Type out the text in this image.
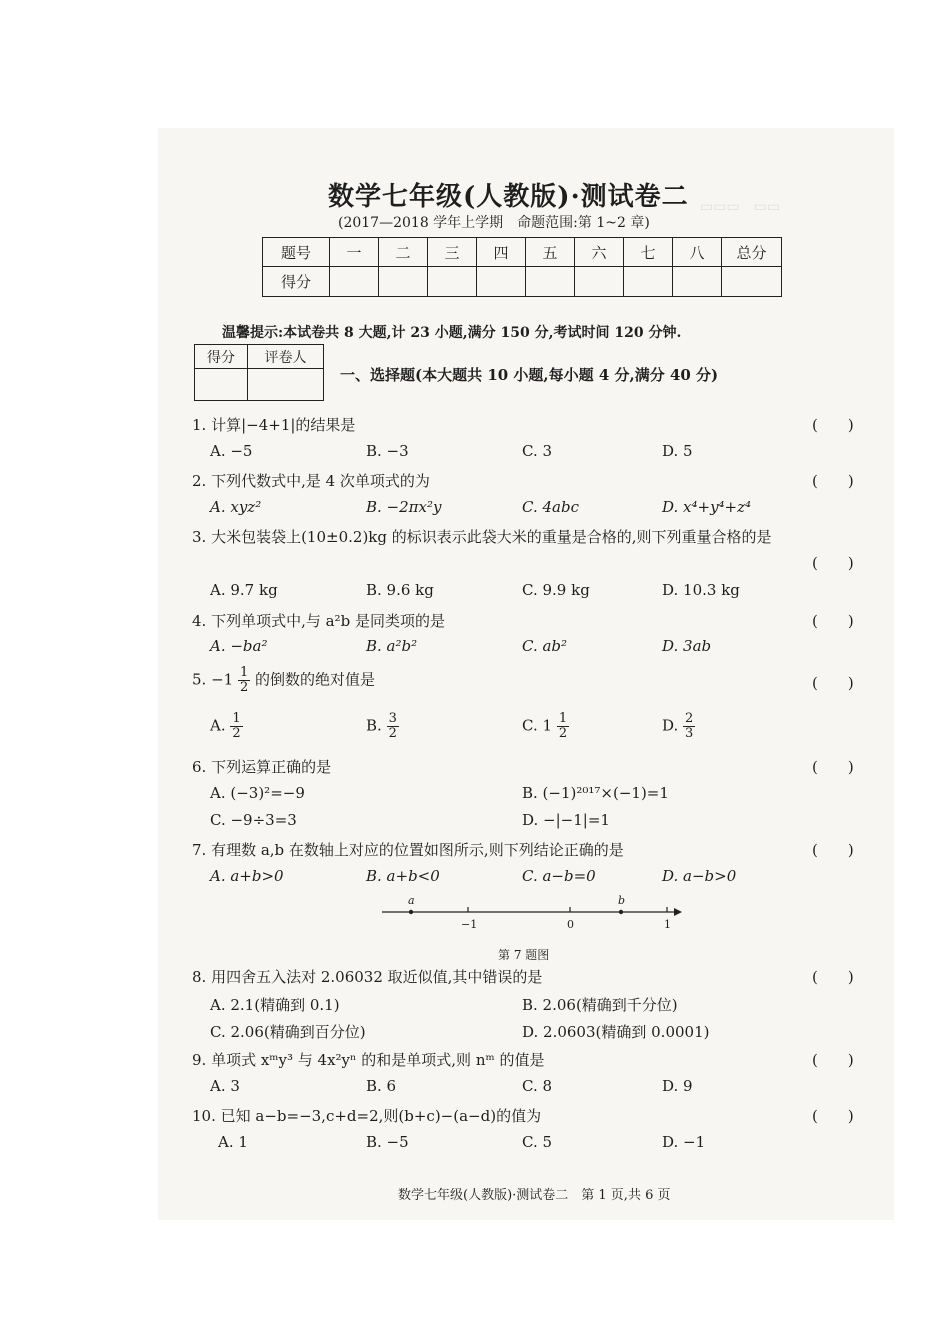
▭▭▭　▭▭
数学七年级(人教版)·测试卷二
(2017—2018 学年上学期　命题范围:第 1~2 章)
题号	一	二	三	四	五	六	七	八	总分
得分									
温馨提示:本试卷共 8 大题,计 23 小题,满分 150 分,考试时间 120 分钟.
得分	评卷人

一、选择题(本大题共 10 小题,每小题 4 分,满分 40 分)
1. 计算|−4+1|的结果是	(　　)
A. −5	B. −3	C. 3	D. 5
2. 下列代数式中,是 4 次单项式的为	(　　)
A. xyz²	B. −2πx²y	C. 4abc	D. x⁴+y⁴+z⁴
3. 大米包装袋上(10±0.2)kg 的标识表示此袋大米的重量是合格的,则下列重量合格的是
(　　)
A. 9.7 kg	B. 9.6 kg	C. 9.9 kg	D. 10.3 kg
4. 下列单项式中,与 a²b 是同类项的是	(　　)
A. −ba²	B. a²b²	C. ab²	D. 3ab
5. $-1 \frac{1}{2}$ 的倒数的绝对值是	(　　)
A. $\frac{1}{2}$	B. $\frac{3}{2}$	C. $1 \frac{1}{2}$	D. $\frac{2}{3}$
6. 下列运算正确的是	(　　)
A. (−3)²=−9	B. (−1)²⁰¹⁷×(−1)=1
C. −9÷3=3	D. −|−1|=1
7. 有理数 a,b 在数轴上对应的位置如图所示,则下列结论正确的是	(　　)
A. a+b>0	B. a+b<0	C. a−b=0	D. a−b>0
a
−1	0
b
1
第 7 题图
8. 用四舍五入法对 2.06032 取近似值,其中错误的是	(　　)
A. 2.1(精确到 0.1)	B. 2.06(精确到千分位)
C. 2.06(精确到百分位)	D. 2.0603(精确到 0.0001)
9. 单项式 xᵐy³ 与 4x²yⁿ 的和是单项式,则 nᵐ 的值是	(　　)
A. 3	B. 6	C. 8	D. 9
10. 已知 a−b=−3,c+d=2,则(b+c)−(a−d)的值为	(　　)
A. 1	B. −5	C. 5	D. −1
数学七年级(人教版)·测试卷二　第 1 页,共 6 页
